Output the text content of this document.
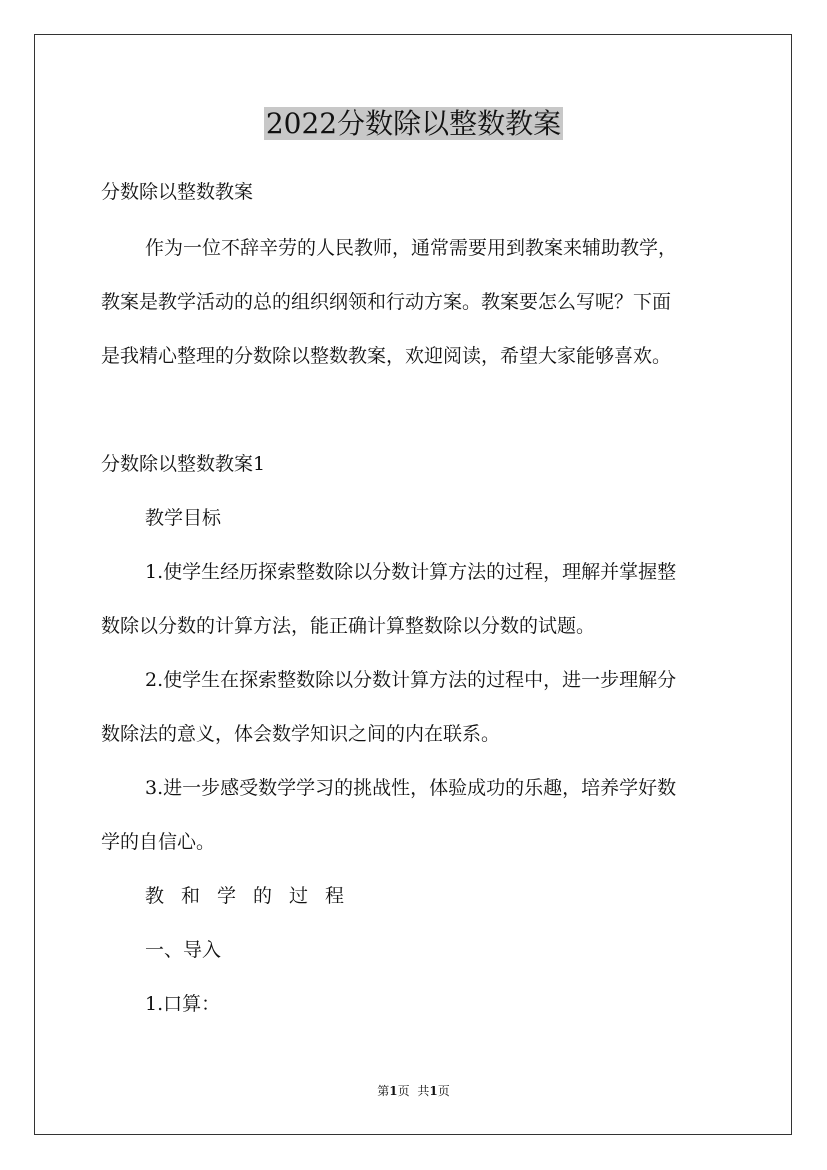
2022分数除以整数教案

分数除以整数教案

作为一位不辞辛劳的人民教师，通常需要用到教案来辅助教学，

教案是教学活动的总的组织纲领和行动方案。教案要怎么写呢？下面

是我精心整理的分数除以整数教案，欢迎阅读，希望大家能够喜欢。

分数除以整数教案1

教学目标

1.使学生经历探索整数除以分数计算方法的过程，理解并掌握整

数除以分数的计算方法，能正确计算整数除以分数的试题。

2.使学生在探索整数除以分数计算方法的过程中，进一步理解分

数除法的意义，体会数学知识之间的内在联系。

3.进一步感受数学学习的挑战性，体验成功的乐趣，培养学好数

学的自信心。

教和学的过程

一、导入

1.口算：

第1页 共1页
